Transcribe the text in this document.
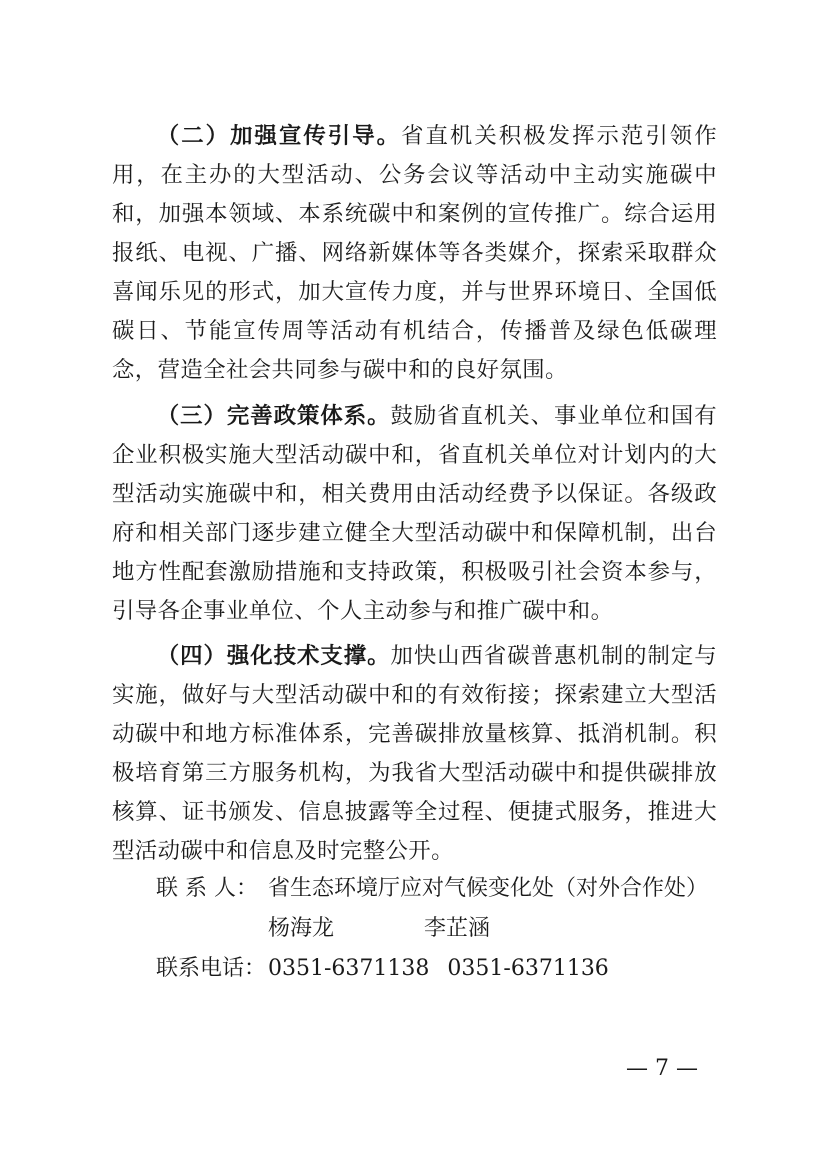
（二）加强宣传引导。省直机关积极发挥示范引领作用，在主办的大型活动、公务会议等活动中主动实施碳中和，加强本领域、本系统碳中和案例的宣传推广。综合运用报纸、电视、广播、网络新媒体等各类媒介，探索采取群众喜闻乐见的形式，加大宣传力度，并与世界环境日、全国低碳日、节能宣传周等活动有机结合，传播普及绿色低碳理念，营造全社会共同参与碳中和的良好氛围。

（三）完善政策体系。鼓励省直机关、事业单位和国有企业积极实施大型活动碳中和，省直机关单位对计划内的大型活动实施碳中和，相关费用由活动经费予以保证。各级政府和相关部门逐步建立健全大型活动碳中和保障机制，出台地方性配套激励措施和支持政策，积极吸引社会资本参与，引导各企事业单位、个人主动参与和推广碳中和。

（四）强化技术支撑。加快山西省碳普惠机制的制定与实施，做好与大型活动碳中和的有效衔接；探索建立大型活动碳中和地方标准体系，完善碳排放量核算、抵消机制。积极培育第三方服务机构，为我省大型活动碳中和提供碳排放核算、证书颁发、信息披露等全过程、便捷式服务，推进大型活动碳中和信息及时完整公开。

联 系 人： 省生态环境厅应对气候变化处（对外合作处）
杨海龙	李芷涵
联系电话：0351-6371138 0351-6371136
— 7 —
